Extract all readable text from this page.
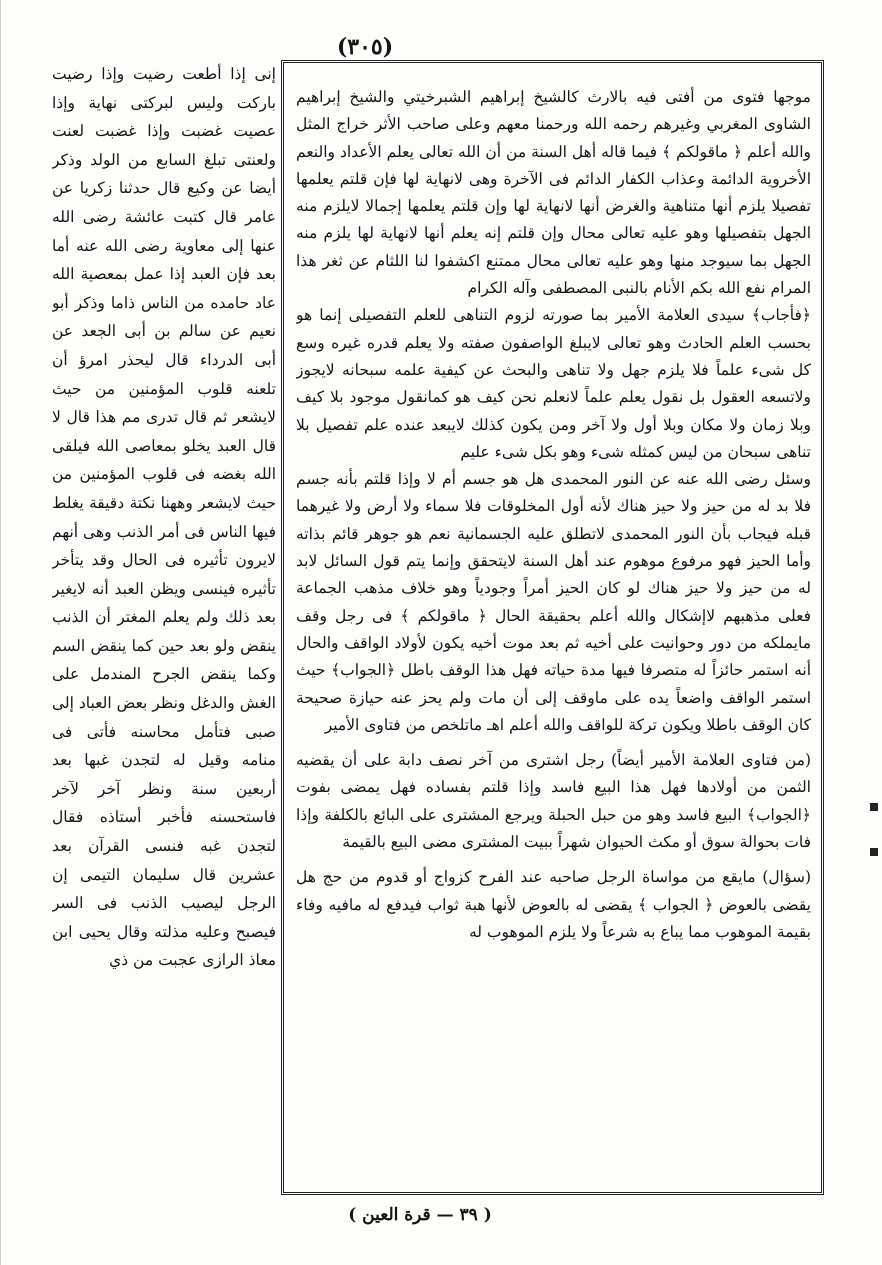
(٣٠٥)

موجها فتوى من أفتى فيه بالارث كالشيخ إبراهيم الشبرخيتي والشيخ إبراهيم الشاوى المغربي وغيرهم رحمه الله ورحمنا معهم وعلى صاحب الأثر خراج المثل والله أعلم ﴿ ماقولكم ﴾ فيما قاله أهل السنة من أن الله تعالى يعلم الأعداد والنعم الأخروية الدائمة وعذاب الكفار الدائم فى الآخرة وهى لانهاية لها فإن قلتم يعلمها تفصيلا يلزم أنها متناهية والغرض أنها لانهاية لها وإن قلتم يعلمها إجمالا لايلزم منه الجهل بتفصيلها وهو عليه تعالى محال وإن قلتم إنه يعلم أنها لانهاية لها يلزم منه الجهل بما سيوجد منها وهو عليه تعالى محال ممتنع اكشفوا لنا اللثام عن ثغر هذا المرام نفع الله بكم الأنام بالنبى المصطفى وآله الكرام

﴿فأجاب﴾ سيدى العلامة الأمير بما صورته لزوم التناهى للعلم التفصيلى إنما هو بحسب العلم الحادث وهو تعالى لايبلغ الواصفون صفته ولا يعلم قدره غيره وسع كل شىء علماً فلا يلزم جهل ولا تناهى والبحث عن كيفية علمه سبحانه لايجوز ولاتسعه العقول بل نقول يعلم علماً لانعلم نحن كيف هو كمانقول موجود بلا كيف وبلا زمان ولا مكان وبلا أول ولا آخر ومن يكون كذلك لايبعد عنده علم تفصيل بلا تناهى سبحان من ليس كمثله شىء وهو بكل شىء عليم

وسئل رضى الله عنه عن النور المحمدى هل هو جسم أم لا وإذا قلتم بأنه جسم فلا بد له من حيز ولا حيز هناك لأنه أول المخلوقات فلا سماء ولا أرض ولا غيرهما قبله فيجاب بأن النور المحمدى لاتطلق عليه الجسمانية نعم هو جوهر قائم بذاته وأما الحيز فهو مرفوع موهوم عند أهل السنة لايتحقق وإنما يتم قول السائل لابد له من حيز ولا حيز هناك لو كان الحيز أمراً وجودياً وهو خلاف مذهب الجماعة فعلى مذهبهم لاإشكال والله أعلم بحقيقة الحال ﴿ ماقولكم ﴾ فى رجل وقف مايملكه من دور وحوانيت على أخيه ثم بعد موت أخيه يكون لأولاد الواقف والحال أنه استمر حائزاً له متصرفا فيها مدة حياته فهل هذا الوقف باطل ﴿الجواب﴾ حيث استمر الواقف واضعاً يده على ماوقف إلى أن مات ولم يحز عنه حيازة صحيحة كان الوقف باطلا ويكون تركة للواقف والله أعلم اهـ ماتلخص من فتاوى الأمير

(من فتاوى العلامة الأمير أيضاً) رجل اشترى من آخر نصف دابة على أن يقضيه الثمن من أولادها فهل هذا البيع فاسد وإذا قلتم بفساده فهل يمضى بفوت ﴿الجواب﴾ البيع فاسد وهو من حبل الحبلة ويرجع المشترى على البائع بالكلفة وإذا فات بحوالة سوق أو مكث الحيوان شهراً ببيت المشترى مضى البيع بالقيمة

(سؤال) مايقع من مواساة الرجل صاحبه عند الفرح كزواج أو قدوم من حج هل يقضى بالعوض ﴿ الجواب ﴾ يقضى له بالعوض لأنها هبة ثواب فيدفع له مافيه وفاء بقيمة الموهوب مما يباع به شرعاً ولا يلزم الموهوب له

إنى إذا أطعت رضيت وإذا رضيت باركت وليس لبركتى نهاية وإذا عصيت غضبت وإذا غضبت لعنت ولعنتى تبلغ السابع من الولد وذكر أيضا عن وكيع قال حدثنا زكريا عن عامر قال كتبت عائشة رضى الله عنها إلى معاوية رضى الله عنه أما بعد فإن العبد إذا عمل بمعصية الله عاد حامده من الناس ذاما وذكر أبو نعيم عن سالم بن أبى الجعد عن أبى الدرداء قال ليحذر امرؤ أن تلعنه قلوب المؤمنين من حيث لايشعر ثم قال تدرى مم هذا قال لا قال العبد يخلو بمعاصى الله فيلقى الله بغضه فى قلوب المؤمنين من حيث لايشعر وههنا نكتة دقيقة يغلط فيها الناس فى أمر الذنب وهى أنهم لايرون تأثيره فى الحال وقد يتأخر تأثيره فينسى ويظن العبد أنه لايغير بعد ذلك ولم يعلم المغتر أن الذنب ينقض ولو بعد حين كما ينقض السم وكما ينقض الجرح المندمل على الغش والدغل ونظر بعض العباد إلى صبى فتأمل محاسنه فأتى فى منامه وقيل له لتجدن غبها بعد أربعين سنة ونظر آخر لآخر فاستحسنه فأخبر أستاذه فقال لتجدن غبه فنسى القرآن بعد عشرين قال سليمان التيمى إن الرجل ليصيب الذنب فى السر فيصبح وعليه مذلته وقال يحيى ابن معاذ الرازى عجبت من ذي

( ٣٩ — قرة العين )
